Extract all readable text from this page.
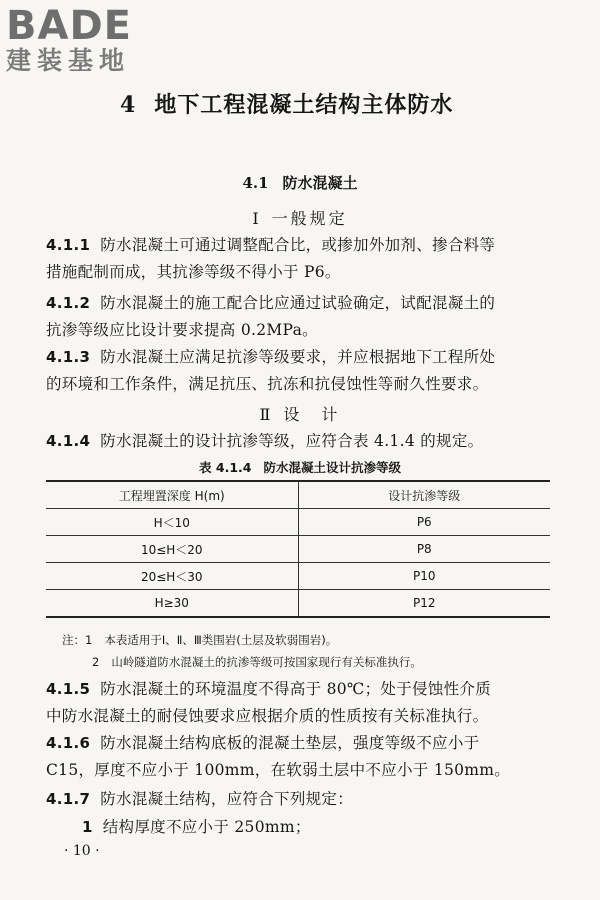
BADE
建装基地
4 地下工程混凝土结构主体防水
4.1 防水混凝土
Ⅰ 一般规定
4.1.1 防水混凝土可通过调整配合比，或掺加外加剂、掺合料等
措施配制而成，其抗渗等级不得小于 P6。
4.1.2 防水混凝土的施工配合比应通过试验确定，试配混凝土的
抗渗等级应比设计要求提高 0.2MPa。
4.1.3 防水混凝土应满足抗渗等级要求，并应根据地下工程所处
的环境和工作条件，满足抗压、抗冻和抗侵蚀性等耐久性要求。
Ⅱ 设　计
4.1.4 防水混凝土的设计抗渗等级，应符合表 4.1.4 的规定。
表 4.1.4 防水混凝土设计抗渗等级
工程埋置深度 H(m)	设计抗渗等级
H＜10	P6
10≤H＜20	P8
20≤H＜30	P10
H≥30	P12
注：1 本表适用于Ⅰ、Ⅱ、Ⅲ类围岩(土层及软弱围岩)。
2 山岭隧道防水混凝土的抗渗等级可按国家现行有关标准执行。
4.1.5 防水混凝土的环境温度不得高于 80℃；处于侵蚀性介质
中防水混凝土的耐侵蚀要求应根据介质的性质按有关标准执行。
4.1.6 防水混凝土结构底板的混凝土垫层，强度等级不应小于
C15，厚度不应小于 100mm，在软弱土层中不应小于 150mm。
4.1.7 防水混凝土结构，应符合下列规定：
1 结构厚度不应小于 250mm；
· 10 ·
